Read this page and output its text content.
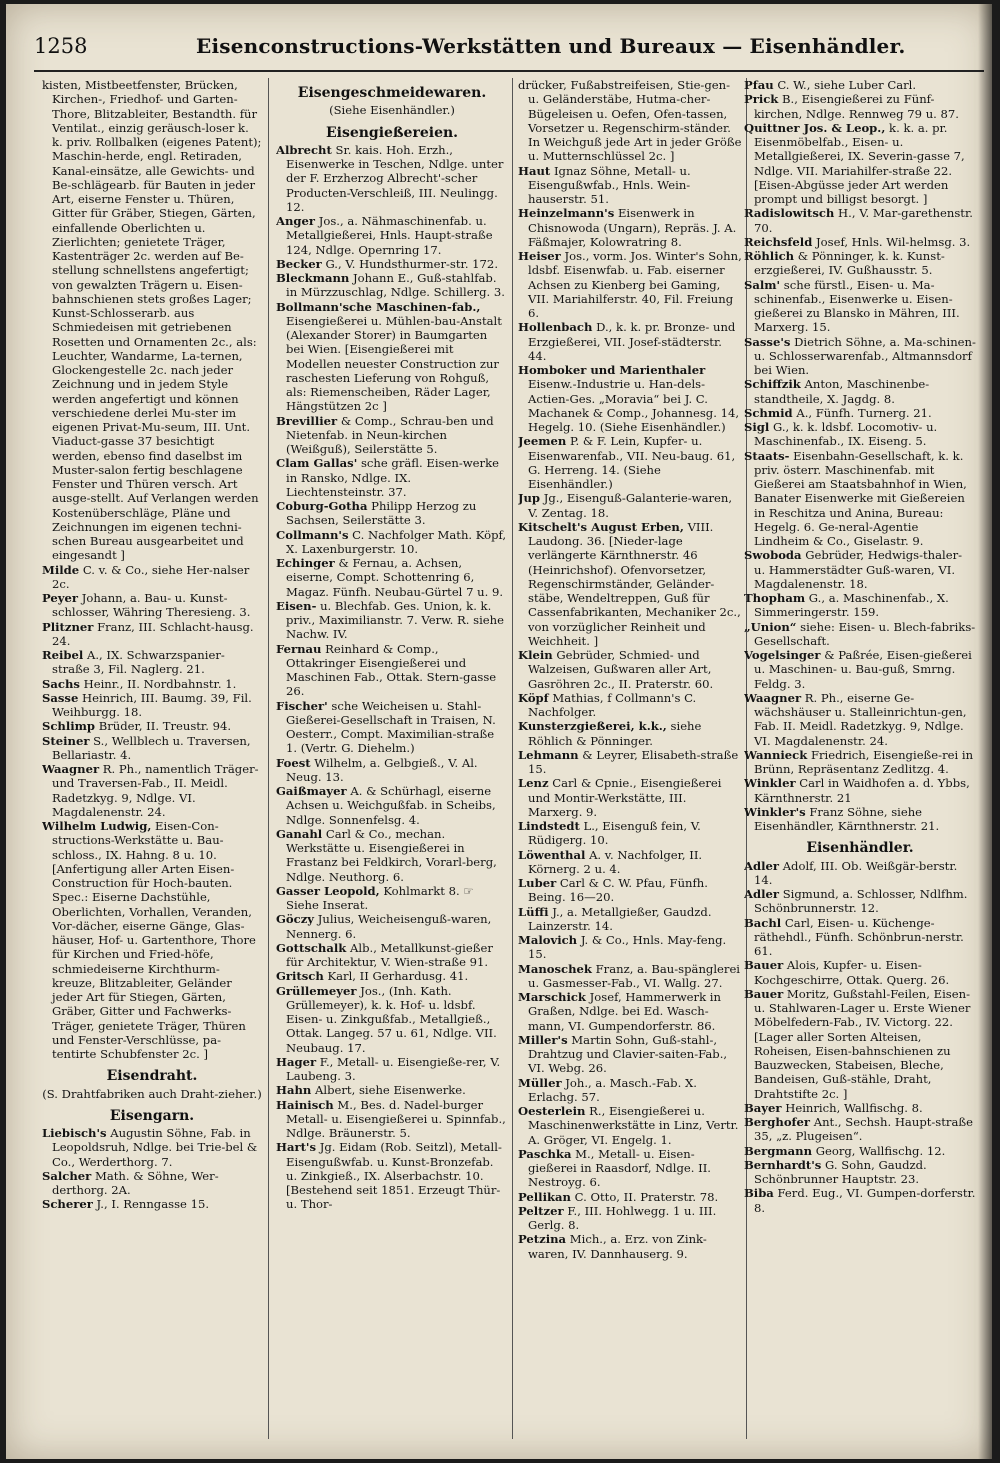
1258	Eisenconstructions-Werkstätten und Bureaux — Eisenhändler.

kisten, Mistbeetfenster, Brücken, Kirchen-, Friedhof- und Garten-Thore, Blitzableiter, Bestandth. für Ventilat., einzig geräusch-loser k. k. priv. Rollbalken (eigenes Patent); Maschin-herde, engl. Retiraden, Kanal-einsätze, alle Gewichts- und Be-schlägearb. für Bauten in jeder Art, eiserne Fenster u. Thüren, Gitter für Gräber, Stiegen, Gärten, einfallende Oberlichten u. Zierlichten; genietete Träger, Kastenträger 2c. werden auf Be-stellung schnellstens angefertigt; von gewalzten Trägern u. Eisen-bahnschienen stets großes Lager; Kunst-Schlosserarb. aus Schmiedeisen mit getriebenen Rosetten und Ornamenten 2c., als: Leuchter, Wandarme, La-ternen, Glockengestelle 2c. nach jeder Zeichnung und in jedem Style werden angefertigt und können verschiedene derlei Mu-ster im eigenen Privat-Mu-seum, III. Unt. Viaduct-gasse 37 besichtigt werden, ebenso find daselbst im Muster-salon fertig beschlagene Fenster und Thüren versch. Art ausge-stellt. Auf Verlangen werden Kostenüberschläge, Pläne und Zeichnungen im eigenen techni-schen Bureau ausgearbeitet und eingesandt ]

Milde C. v. & Co., siehe Her-nalser 2c.

Peyer Johann, a. Bau- u. Kunst-schlosser, Währing Theresieng. 3.

Plitzner Franz, III. Schlacht-hausg. 24.

Reibel A., IX. Schwarzspanier-straße 3, Fil. Naglerg. 21.

Sachs Heinr., II. Nordbahnstr. 1.

Sasse Heinrich, III. Baumg. 39, Fil. Weihburgg. 18.

Schlimp Brüder, II. Treustr. 94.

Steiner S., Wellblech u. Traversen, Bellariastr. 4.

Waagner R. Ph., namentlich Träger- und Traversen-Fab., II. Meidl. Radetzkyg. 9, Ndlge. VI. Magdalenenstr. 24.

Wilhelm Ludwig, Eisen-Con-structions-Werkstätte u. Bau-schloss., IX. Hahng. 8 u. 10. [Anfertigung aller Arten Eisen-Construction für Hoch-bauten. Spec.: Eiserne Dachstühle, Oberlichten, Vorhallen, Veranden, Vor-dächer, eiserne Gänge, Glas-häuser, Hof- u. Gartenthore, Thore für Kirchen und Fried-höfe, schmiedeiserne Kirchthurm-kreuze, Blitzableiter, Geländer jeder Art für Stiegen, Gärten, Gräber, Gitter und Fachwerks-Träger, genietete Träger, Thüren und Fenster-Verschlüsse, pa-tentirte Schubfenster 2c. ]

Eisendraht.
(S. Drahtfabriken auch Draht-zieher.)
Eisengarn.

Liebisch's Augustin Söhne, Fab. in Leopoldsruh, Ndlge. bei Trie-bel & Co., Werderthorg. 7.

Salcher Math. & Söhne, Wer-derthorg. 2A.

Scherer J., I. Renngasse 15.

Eisengeschmeidewaren.
(Siehe Eisenhändler.)
Eisengießereien.

Albrecht Sr. kais. Hoh. Erzh., Eisenwerke in Teschen, Ndlge. unter der F. Erzherzog Albrecht'-scher Producten-Verschleiß, III. Neulingg. 12.

Anger Jos., a. Nähmaschinenfab. u. Metallgießerei, Hnls. Haupt-straße 124, Ndlge. Opernring 17.

Becker G., V. Hundsthurmer-str. 172.

Bleckmann Johann E., Guß-stahlfab. in Mürzzuschlag, Ndlge. Schillerg. 3.

Bollmann'sche Maschinen-fab., Eisengießerei u. Mühlen-bau-Anstalt (Alexander Storer) in Baumgarten bei Wien. [Eisengießerei mit Modellen neuester Construction zur raschesten Lieferung von Rohguß, als: Riemenscheiben, Räder Lager, Hängstützen 2c ]

Brevillier & Comp., Schrau-ben und Nietenfab. in Neun-kirchen (Weißguß), Seilerstätte 5.

Clam Gallas' sche gräfl. Eisen-werke in Ransko, Ndlge. IX. Liechtensteinstr. 37.

Coburg-Gotha Philipp Herzog zu Sachsen, Seilerstätte 3.

Collmann's C. Nachfolger Math. Köpf, X. Laxenburgerstr. 10.

Echinger & Fernau, a. Achsen, eiserne, Compt. Schottenring 6, Magaz. Fünfh. Neubau-Gürtel 7 u. 9.

Eisen- u. Blechfab. Ges. Union, k. k. priv., Maximilianstr. 7. Verw. R. siehe Nachw. IV.

Fernau Reinhard & Comp., Ottakringer Eisengießerei und Maschinen Fab., Ottak. Stern-gasse 26.

Fischer' sche Weicheisen u. Stahl-Gießerei-Gesellschaft in Traisen, N. Oesterr., Compt. Maximilian-straße 1. (Vertr. G. Diehelm.)

Foest Wilhelm, a. Gelbgieß., V. Al. Neug. 13.

Gaißmayer A. & Schürhagl, eiserne Achsen u. Weichgußfab. in Scheibs, Ndlge. Sonnenfelsg. 4.

Ganahl Carl & Co., mechan. Werkstätte u. Eisengießerei in Frastanz bei Feldkirch, Vorarl-berg, Ndlge. Neuthorg. 6.

Gasser Leopold, Kohlmarkt 8. ☞ Siehe Inserat.

Göczy Julius, Weicheisenguß-waren, Nennerg. 6.

Gottschalk Alb., Metallkunst-gießer für Architektur, V. Wien-straße 91.

Gritsch Karl, II Gerhardusg. 41.

Grüllemeyer Jos., (Inh. Kath. Grüllemeyer), k. k. Hof- u. ldsbf. Eisen- u. Zinkgußfab., Metallgieß., Ottak. Langeg. 57 u. 61, Ndlge. VII. Neubaug. 17.

Hager F., Metall- u. Eisengieße-rer, V. Laubeng. 3.

Hahn Albert, siehe Eisenwerke.

Hainisch M., Bes. d. Nadel-burger Metall- u. Eisengießerei u. Spinnfab., Ndlge. Bräunerstr. 5.

Hart's Jg. Eidam (Rob. Seitzl), Metall-Eisengußwfab. u. Kunst-Bronzefab. u. Zinkgieß., IX. Alserbachstr. 10. [Bestehend seit 1851. Erzeugt Thür- u. Thor-

drücker, Fußabstreifeisen, Stie-gen- u. Geländerstäbe, Hutma-cher-Bügeleisen u. Oefen, Ofen-tassen, Vorsetzer u. Regenschirm-ständer. In Weichguß jede Art in jeder Größe u. Mutternschlüssel 2c. ]

Haut Ignaz Söhne, Metall- u. Eisengußwfab., Hnls. Wein-hauserstr. 51.

Heinzelmann's Eisenwerk in Chisnowoda (Ungarn), Repräs. J. A. Fäßmajer, Kolowratring 8.

Heiser Jos., vorm. Jos. Winter's Sohn, ldsbf. Eisenwfab. u. Fab. eiserner Achsen zu Kienberg bei Gaming, VII. Mariahilferstr. 40, Fil. Freiung 6.

Hollenbach D., k. k. pr. Bronze- und Erzgießerei, VII. Josef-städterstr. 44.

Homboker und Marienthaler Eisenw.-Industrie u. Han-dels-Actien-Ges. „Moravia“ bei J. C. Machanek & Comp., Johannesg. 14, Hegelg. 10. (Siehe Eisenhändler.)

Jeemen P. & F. Lein, Kupfer- u. Eisenwarenfab., VII. Neu-baug. 61, G. Herreng. 14. (Siehe Eisenhändler.)

Jup Jg., Eisenguß-Galanterie-waren, V. Zentag. 18.

Kitschelt's August Erben, VIII. Laudong. 36. [Nieder-lage verlängerte Kärnthnerstr. 46 (Heinrichshof). Ofenvorsetzer, Regenschirmständer, Geländer-stäbe, Wendeltreppen, Guß für Cassenfabrikanten, Mechaniker 2c., von vorzüglicher Reinheit und Weichheit. ]

Klein Gebrüder, Schmied- und Walzeisen, Gußwaren aller Art, Gasröhren 2c., II. Praterstr. 60.

Köpf Mathias, f Collmann's C. Nachfolger.

Kunsterzgießerei, k.k., siehe Röhlich & Pönninger.

Lehmann & Leyrer, Elisabeth-straße 15.

Lenz Carl & Cpnie., Eisengießerei und Montir-Werkstätte, III. Marxerg. 9.

Lindstedt L., Eisenguß fein, V. Rüdigerg. 10.

Löwenthal A. v. Nachfolger, II. Körnerg. 2 u. 4.

Luber Carl & C. W. Pfau, Fünfh. Being. 16—20.

Lüffi J., a. Metallgießer, Gaudzd. Lainzerstr. 14.

Malovich J. & Co., Hnls. May-feng. 15.

Manoschek Franz, a. Bau-spänglerei u. Gasmesser-Fab., VI. Wallg. 27.

Marschick Josef, Hammerwerk in Graßen, Ndlge. bei Ed. Wasch-mann, VI. Gumpendorferstr. 86.

Miller's Martin Sohn, Guß-stahl-, Drahtzug und Clavier-saiten-Fab., VI. Webg. 26.

Müller Joh., a. Masch.-Fab. X. Erlachg. 57.

Oesterlein R., Eisengießerei u. Maschinenwerkstätte in Linz, Vertr. A. Gröger, VI. Engelg. 1.

Paschka M., Metall- u. Eisen-gießerei in Raasdorf, Ndlge. II. Nestroyg. 6.

Pellikan C. Otto, II. Praterstr. 78.

Peltzer F., III. Hohlwegg. 1 u. III. Gerlg. 8.

Petzina Mich., a. Erz. von Zink-waren, IV. Dannhauserg. 9.

Pfau C. W., siehe Luber Carl.

Prick B., Eisengießerei zu Fünf-kirchen, Ndlge. Rennweg 79 u. 87.

Quittner Jos. & Leop., k. k. a. pr. Eisenmöbelfab., Eisen- u. Metallgießerei, IX. Severin-gasse 7, Ndlge. VII. Mariahilfer-straße 22. [Eisen-Abgüsse jeder Art werden prompt und billigst besorgt. ]

Radislowitsch H., V. Mar-garethenstr. 70.

Reichsfeld Josef, Hnls. Wil-helmsg. 3.

Röhlich & Pönninger, k. k. Kunst-erzgießerei, IV. Gußhausstr. 5.

Salm' sche fürstl., Eisen- u. Ma-schinenfab., Eisenwerke u. Eisen-gießerei zu Blansko in Mähren, III. Marxerg. 15.

Sasse's Dietrich Söhne, a. Ma-schinen- u. Schlosserwarenfab., Altmannsdorf bei Wien.

Schiffzik Anton, Maschinenbe-standtheile, X. Jagdg. 8.

Schmid A., Fünfh. Turnerg. 21.

Sigl G., k. k. ldsbf. Locomotiv- u. Maschinenfab., IX. Eiseng. 5.

Staats- Eisenbahn-Gesellschaft, k. k. priv. österr. Maschinenfab. mit Gießerei am Staatsbahnhof in Wien, Banater Eisenwerke mit Gießereien in Reschitza und Anina, Bureau: Hegelg. 6. Ge-neral-Agentie Lindheim & Co., Giselastr. 9.

Swoboda Gebrüder, Hedwigs-thaler- u. Hammerstädter Guß-waren, VI. Magdalenenstr. 18.

Thopham G., a. Maschinenfab., X. Simmeringerstr. 159.

„Union“ siehe: Eisen- u. Blech-fabriks-Gesellschaft.

Vogelsinger & Paßrée, Eisen-gießerei u. Maschinen- u. Bau-guß, Smrng. Feldg. 3.

Waagner R. Ph., eiserne Ge-wächshäuser u. Stalleinrichtun-gen, Fab. II. Meidl. Radetzkyg. 9, Ndlge. VI. Magdalenenstr. 24.

Wannieck Friedrich, Eisengieße-rei in Brünn, Repräsentanz Zedlitzg. 4.

Winkler Carl in Waidhofen a. d. Ybbs, Kärnthnerstr. 21

Winkler's Franz Söhne, siehe Eisenhändler, Kärnthnerstr. 21.

Eisenhändler.

Adler Adolf, III. Ob. Weißgär-berstr. 14.

Adler Sigmund, a. Schlosser, Ndlfhm. Schönbrunnerstr. 12.

Bachl Carl, Eisen- u. Küchenge-räthehdl., Fünfh. Schönbrun-nerstr. 61.

Bauer Alois, Kupfer- u. Eisen-Kochgeschirre, Ottak. Querg. 26.

Bauer Moritz, Gußstahl-Feilen, Eisen- u. Stahlwaren-Lager u. Erste Wiener Möbelfedern-Fab., IV. Victorg. 22. [Lager aller Sorten Alteisen, Roheisen, Eisen-bahnschienen zu Bauzwecken, Stabeisen, Bleche, Bandeisen, Guß-stähle, Draht, Drahtstifte 2c. ]

Bayer Heinrich, Wallfischg. 8.

Berghofer Ant., Sechsh. Haupt-straße 35, „z. Plugeisen“.

Bergmann Georg, Wallfischg. 12.

Bernhardt's G. Sohn, Gaudzd. Schönbrunner Hauptstr. 23.

Biba Ferd. Eug., VI. Gumpen-dorferstr. 8.
